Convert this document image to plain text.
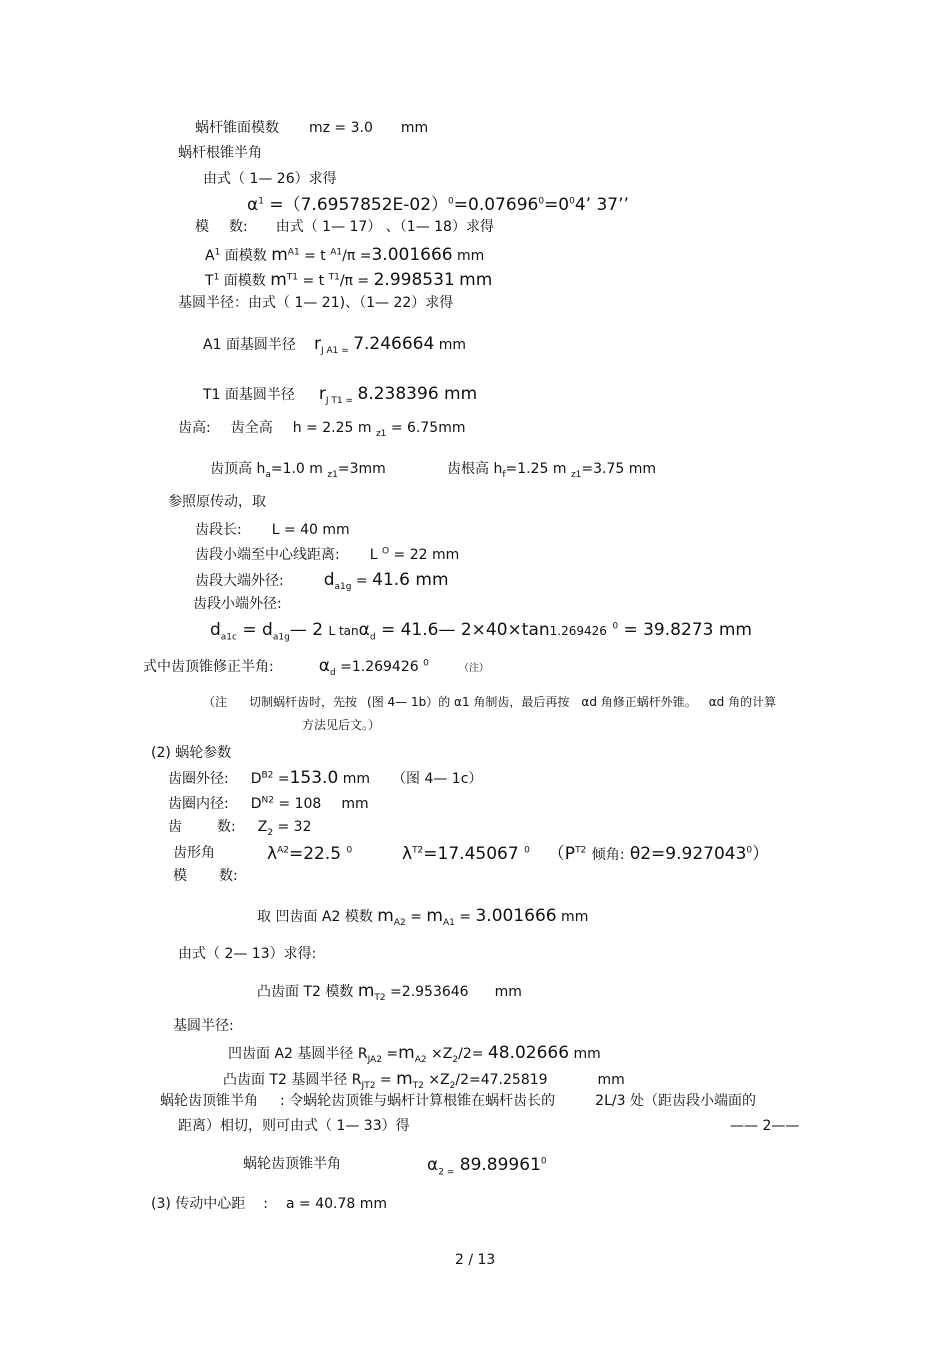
蜗杆锥面模数 mz = 3.0 mm
蜗杆根锥半角
由式（ 1— 26）求得
$\alpha^1 =(7.6957852E-02)^0=0.07696^0=0^04$’ 37’’
模 数: 由式（ 1— 17） 、（1— 18）求得
$A^1$ 面模数 $m^{A1} = t$ $^{A1}$/π =3.001666 mm
$T^1$ 面模数 $m^{T1} = t$ $^{T1}$/π = 2.998531 mm
基圆半径：由式（ 1— 21)、（1— 22）求得
A1 面基圆半径 $r_{J A1 =}$ 7.246664 mm
T1 面基圆半径 $r_{J T1 =}$ 8.238396 mm
齿高: 齿全高 h = 2.25 m $_{z1}$ = 6.75mm
齿顶高 $h_a=1.0$ m $_{z1}$=3mm	齿根高 $h_f=1.25$ m $_{z1}$=3.75 mm
参照原传动，取
齿段长: L = 40 mm
齿段小端至中心线距离: L $^O$ = 22 mm
齿段大端外径: $d_{a1g} = 41.6$ mm
齿段小端外径:
$d_{a1c}$ = $d_{a1g}—$ 2 L tanα$_d$ = 41.6— 2×40×tan1.269426 $^0$ = 39.8273 mm
式中齿顶锥修正半角:	$\alpha_d =1.269426$ $^0$	（注）
（注 切制蜗杆齿时，先按 (图 4— 1b）的 α1 角制齿，最后再按 αd 角修正蜗杆外锥。 αd 角的计算
方法见后文。）
(2) 蜗轮参数
齿圈外径: $D^{B2} =153.0$ mm （图 4— 1c）
齿圈内径: $D^{N2} = 108$ mm
齿	数: $Z_2 = 32$
齿形角	$\lambda^{A2}=22.5$ $^0$	$\lambda^{T2}=17.45067$ $^0$ （$P^{T2}$ 倾角: $\theta 2=9.927043^0$）
模 数:
取 凹齿面 A2 模数 $m_{A2} = m_{A1} = 3.001666$ mm
由式（ 2— 13）求得:
凸齿面 T2 模数 $m_{T2} =2.953646$ mm
基圆半径:
凹齿面 A2 基圆半径 $R_{JA2} =m_{A2} \times Z_2/2= 48.02666$ mm
凸齿面 T2 基圆半径 $R_{JT2} = m_{T2} \times Z_2/2=47.25819$	mm
蜗轮齿顶锥半角 : 令蜗轮齿顶锥与蜗杆计算根锥在蜗杆齿长的	2L/3 处（距齿段小端面的
距离）相切，则可由式（ 1— 33）得	—— 2——
蜗轮齿顶锥半角	$\alpha_{2 =}$ 89.89961$^0$
(3) 传动中心距 : a = 40.78 mm
2 / 13
